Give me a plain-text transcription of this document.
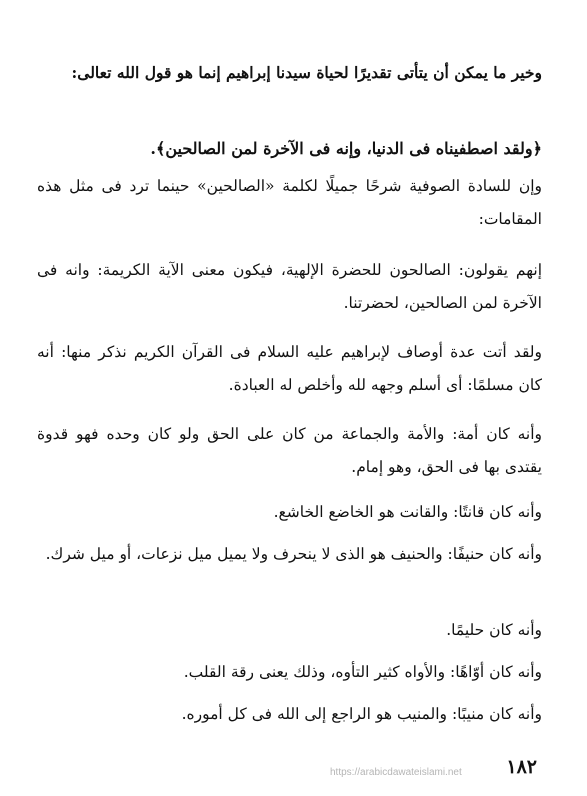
وخير ما يمكن أن يتأتى تقديرًا لحياة سيدنا إبراهيم إنما هو قول الله تعالى:

﴿ولقد اصطفيناه فى الدنيا، وإنه فى الآخرة لمن الصالحين﴾.

وإن للسادة الصوفية شرحًا جميلًا لكلمة «الصالحين» حينما ترد فى مثل هذه المقامات:

إنهم يقولون: الصالحون للحضرة الإلهية، فيكون معنى الآية الكريمة: وانه فى الآخرة لمن الصالحين، لحضرتنا.

ولقد أتت عدة أوصاف لإبراهيم عليه السلام فى القرآن الكريم نذكر منها: أنه كان مسلمًا: أى أسلم وجهه لله وأخلص له العبادة.

وأنه كان أمة: والأمة والجماعة من كان على الحق ولو كان وحده فهو قدوة يقتدى بها فى الحق، وهو إمام.

وأنه كان قانتًا: والقانت هو الخاضع الخاشع.

وأنه كان حنيفًا: والحنيف هو الذى لا ينحرف ولا يميل ميل نزعات، أو ميل شرك.

وأنه كان حليمًا.

وأنه كان أوّاهًا: والأواه كثير التأوه، وذلك يعنى رقة القلب.

وأنه كان منيبًا: والمنيب هو الراجع إلى الله فى كل أموره.

١٨٢

https://arabicdawateislami.net
